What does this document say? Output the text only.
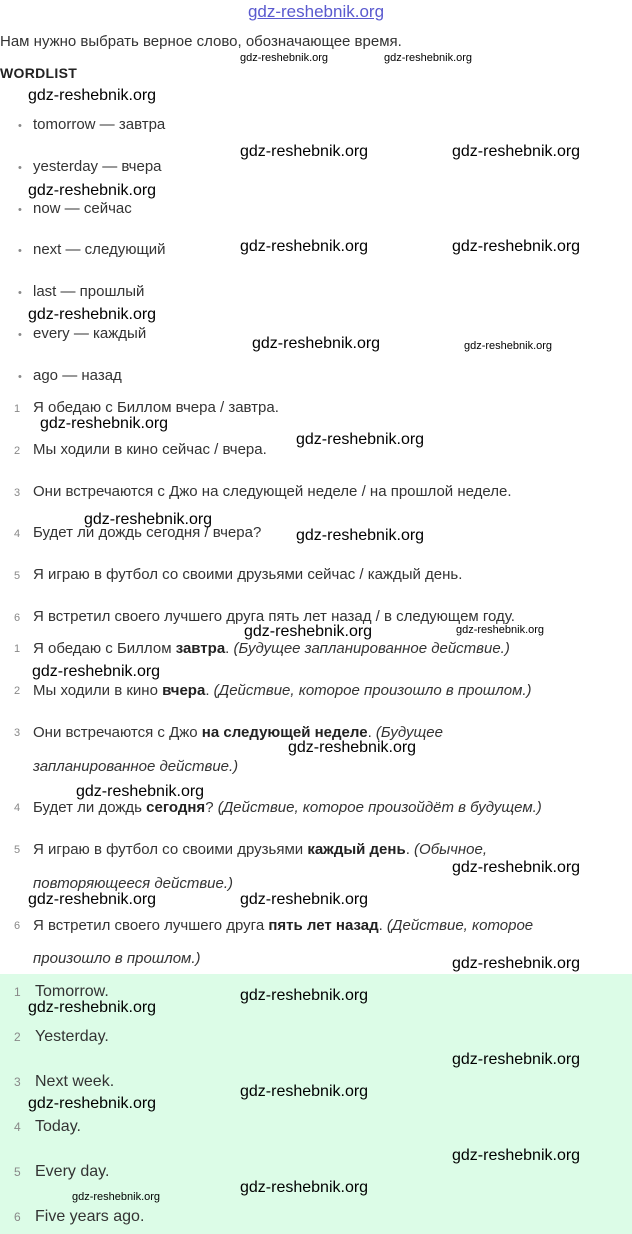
gdz-reshebnik.org
Нам нужно выбрать верное слово, обозначающее время.
WORDLIST
• tomorrow — завтра
• yesterday — вчера
• now — сейчас
• next — следующий
• last — прошлый
• every — каждый
• ago — назад
1 Я обедаю с Биллом вчера / завтра.
2 Мы ходили в кино сейчас / вчера.
3 Они встречаются с Джо на следующей неделе / на прошлой неделе.
4 Будет ли дождь сегодня / вчера?
5 Я играю в футбол со своими друзьями сейчас / каждый день.
6 Я встретил своего лучшего друга пять лет назад / в следующем году.
1 Я обедаю с Биллом завтра. (Будущее запланированное действие.)
2 Мы ходили в кино вчера. (Действие, которое произошло в прошлом.)
3 Они встречаются с Джо на следующей неделе. (Будущее
запланированное действие.)
4 Будет ли дождь сегодня? (Действие, которое произойдёт в будущем.)
5 Я играю в футбол со своими друзьями каждый день. (Обычное,
повторяющееся действие.)
6 Я встретил своего лучшего друга пять лет назад. (Действие, которое
произошло в прошлом.)
1 Tomorrow.
2 Yesterday.
3 Next week.
4 Today.
5 Every day.
6 Five years ago.
gdz-reshebnik.org	gdz-reshebnik.org
gdz-reshebnik.org
gdz-reshebnik.org	gdz-reshebnik.org
gdz-reshebnik.org
gdz-reshebnik.org	gdz-reshebnik.org
gdz-reshebnik.org
gdz-reshebnik.org	gdz-reshebnik.org
gdz-reshebnik.org
gdz-reshebnik.org
gdz-reshebnik.org
gdz-reshebnik.org
gdz-reshebnik.org	gdz-reshebnik.org
gdz-reshebnik.org
gdz-reshebnik.org
gdz-reshebnik.org
gdz-reshebnik.org
gdz-reshebnik.org	gdz-reshebnik.org
gdz-reshebnik.org
gdz-reshebnik.org
gdz-reshebnik.org
gdz-reshebnik.org
gdz-reshebnik.org
gdz-reshebnik.org
gdz-reshebnik.org
gdz-reshebnik.org
gdz-reshebnik.org
